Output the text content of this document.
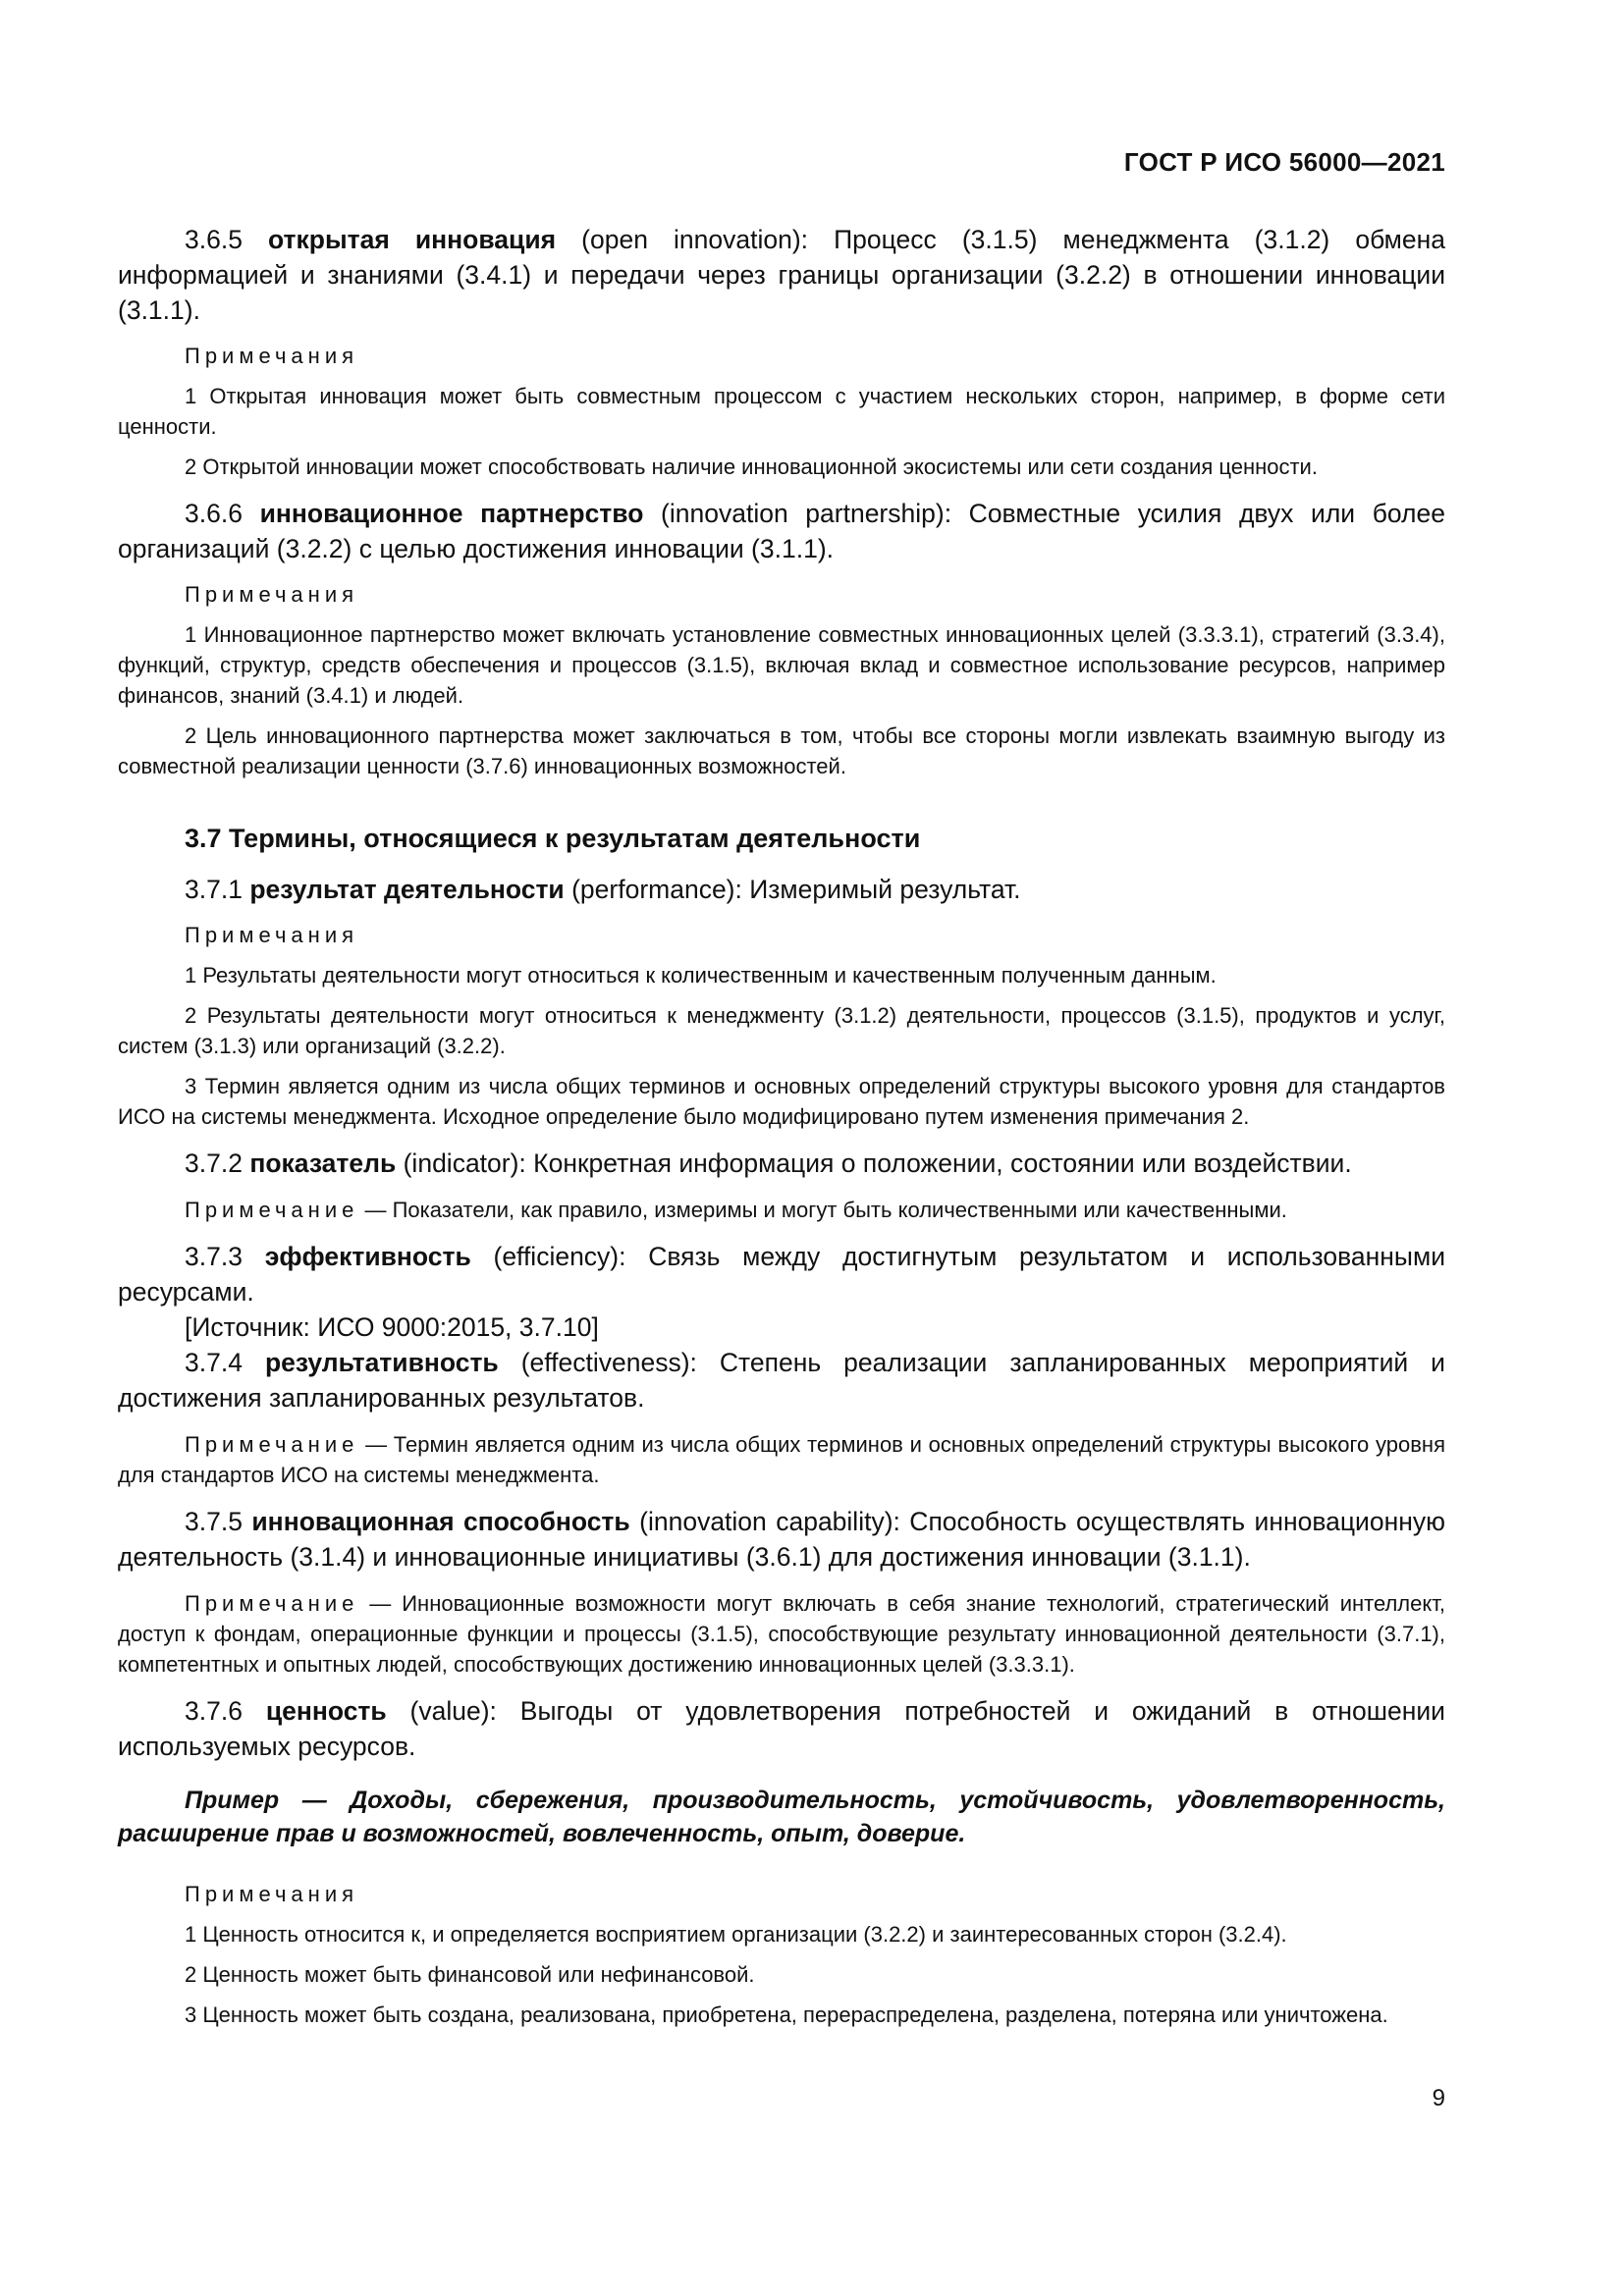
ГОСТ Р ИСО 56000—2021

3.6.5 открытая инновация (open innovation): Процесс (3.1.5) менеджмента (3.1.2) обмена информацией и знаниями (3.4.1) и передачи через границы организации (3.2.2) в отношении инновации (3.1.1).

Примечания

1 Открытая инновация может быть совместным процессом с участием нескольких сторон, например, в форме сети ценности.

2 Открытой инновации может способствовать наличие инновационной экосистемы или сети создания ценности.

3.6.6 инновационное партнерство (innovation partnership): Совместные усилия двух или более организаций (3.2.2) с целью достижения инновации (3.1.1).

Примечания

1 Инновационное партнерство может включать установление совместных инновационных целей (3.3.3.1), стратегий (3.3.4), функций, структур, средств обеспечения и процессов (3.1.5), включая вклад и совместное использование ресурсов, например финансов, знаний (3.4.1) и людей.

2 Цель инновационного партнерства может заключаться в том, чтобы все стороны могли извлекать взаимную выгоду из совместной реализации ценности (3.7.6) инновационных возможностей.

3.7 Термины, относящиеся к результатам деятельности

3.7.1 результат деятельности (performance): Измеримый результат.

Примечания

1 Результаты деятельности могут относиться к количественным и качественным полученным данным.

2 Результаты деятельности могут относиться к менеджменту (3.1.2) деятельности, процессов (3.1.5), продуктов и услуг, систем (3.1.3) или организаций (3.2.2).

3 Термин является одним из числа общих терминов и основных определений структуры высокого уровня для стандартов ИСО на системы менеджмента. Исходное определение было модифицировано путем изменения примечания 2.

3.7.2 показатель (indicator): Конкретная информация о положении, состоянии или воздействии.

Примечание — Показатели, как правило, измеримы и могут быть количественными или качественными.

3.7.3 эффективность (efficiency): Связь между достигнутым результатом и использованными ресурсами.

[Источник: ИСО 9000:2015, 3.7.10]

3.7.4 результативность (effectiveness): Степень реализации запланированных мероприятий и достижения запланированных результатов.

Примечание — Термин является одним из числа общих терминов и основных определений структуры высокого уровня для стандартов ИСО на системы менеджмента.

3.7.5 инновационная способность (innovation capability): Способность осуществлять инновационную деятельность (3.1.4) и инновационные инициативы (3.6.1) для достижения инновации (3.1.1).

Примечание — Инновационные возможности могут включать в себя знание технологий, стратегический интеллект, доступ к фондам, операционные функции и процессы (3.1.5), способствующие результату инновационной деятельности (3.7.1), компетентных и опытных людей, способствующих достижению инновационных целей (3.3.3.1).

3.7.6 ценность (value): Выгоды от удовлетворения потребностей и ожиданий в отношении используемых ресурсов.

Пример — Доходы, сбережения, производительность, устойчивость, удовлетворенность, расширение прав и возможностей, вовлеченность, опыт, доверие.

Примечания

1 Ценность относится к, и определяется восприятием организации (3.2.2) и заинтересованных сторон (3.2.4).

2 Ценность может быть финансовой или нефинансовой.

3 Ценность может быть создана, реализована, приобретена, перераспределена, разделена, потеряна или уничтожена.

9
